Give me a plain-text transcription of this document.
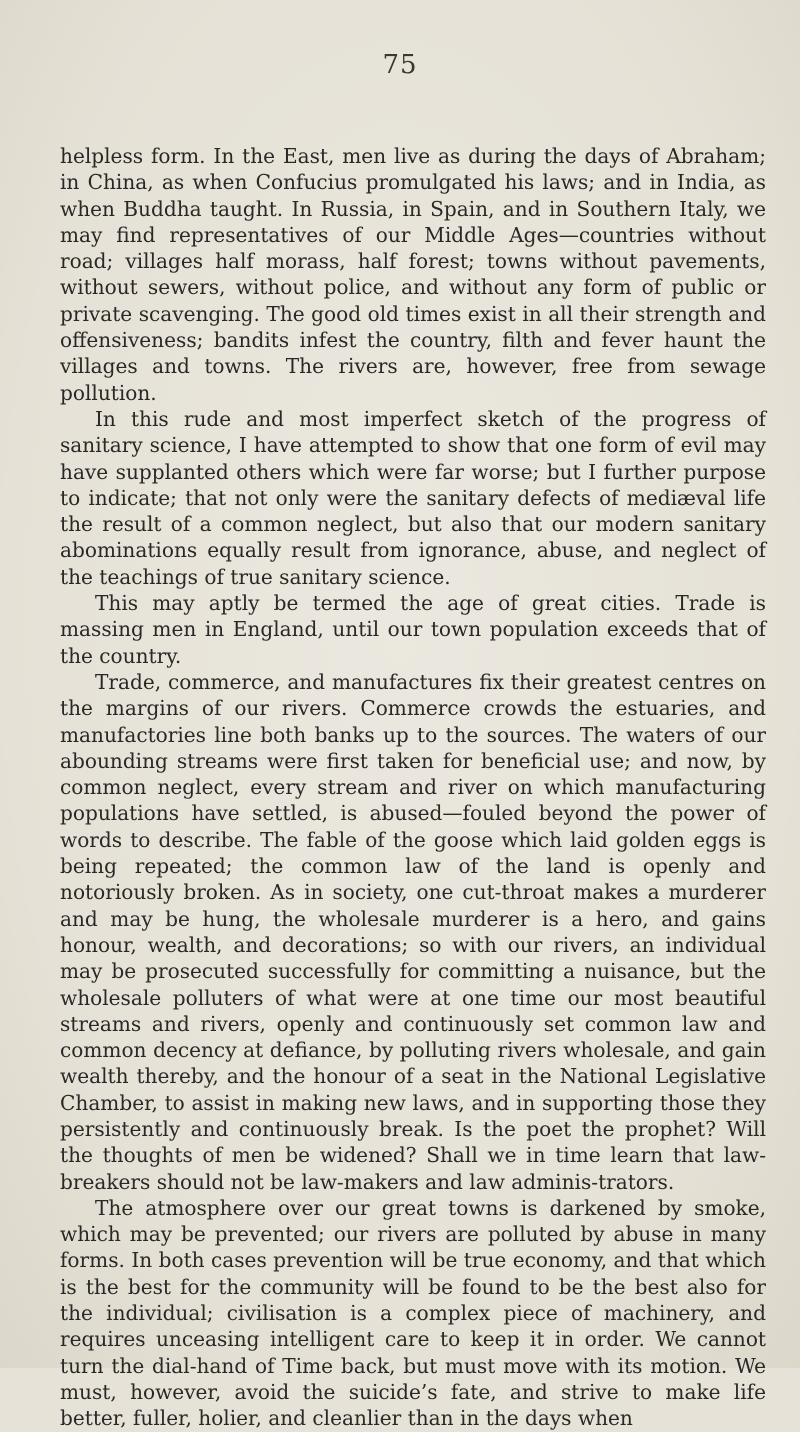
75

helpless form. In the East, men live as during the days of Abraham; in China, as when Confucius promulgated his laws; and in India, as when Buddha taught. In Russia, in Spain, and in Southern Italy, we may find representatives of our Middle Ages—countries without road; villages half morass, half forest; towns without pavements, without sewers, without police, and without any form of public or private scavenging. The good old times exist in all their strength and offensiveness; bandits infest the country, filth and fever haunt the villages and towns. The rivers are, however, free from sewage pollution.

In this rude and most imperfect sketch of the progress of sanitary science, I have attempted to show that one form of evil may have supplanted others which were far worse; but I further purpose to indicate; that not only were the sanitary defects of mediæval life the result of a common neglect, but also that our modern sanitary abominations equally result from ignorance, abuse, and neglect of the teachings of true sanitary science.

This may aptly be termed the age of great cities. Trade is massing men in England, until our town population exceeds that of the country.

Trade, commerce, and manufactures fix their greatest centres on the margins of our rivers. Commerce crowds the estuaries, and manufactories line both banks up to the sources. The waters of our abounding streams were first taken for beneficial use; and now, by common neglect, every stream and river on which manufacturing populations have settled, is abused—fouled beyond the power of words to describe. The fable of the goose which laid golden eggs is being repeated; the common law of the land is openly and notoriously broken. As in society, one cut-throat makes a murderer and may be hung, the wholesale murderer is a hero, and gains honour, wealth, and decorations; so with our rivers, an individual may be prosecuted successfully for committing a nuisance, but the wholesale polluters of what were at one time our most beautiful streams and rivers, openly and continuously set common law and common decency at defiance, by polluting rivers wholesale, and gain wealth thereby, and the honour of a seat in the National Legislative Chamber, to assist in making new laws, and in supporting those they persistently and continuously break. Is the poet the prophet? Will the thoughts of men be widened? Shall we in time learn that law-breakers should not be law-makers and law adminis-trators.

The atmosphere over our great towns is darkened by smoke, which may be prevented; our rivers are polluted by abuse in many forms. In both cases prevention will be true economy, and that which is the best for the community will be found to be the best also for the individual; civilisation is a complex piece of machinery, and requires unceasing intelligent care to keep it in order. We cannot turn the dial-hand of Time back, but must move with its motion. We must, however, avoid the suicide’s fate, and strive to make life better, fuller, holier, and cleanlier than in the days when
